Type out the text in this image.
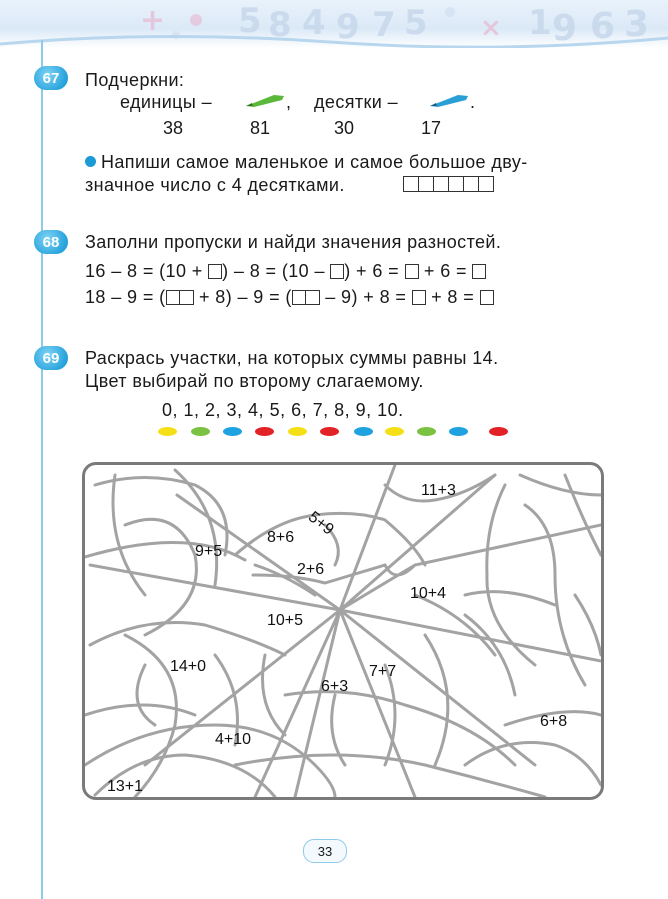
+ 5 8 4 9 7 5 × 1 9 6 3
67	Подчеркни:
единицы –	, десятки –	.
38	81	30	17
Напиши самое маленькое и самое большое дву-
значное число с 4 десятками.
68	Заполни пропуски и найди значения разностей.
16 – 8 = (10 + ) – 8 = (10 – ) + 6 = + 6 =
18 – 9 = ( + 8) – 9 = ( – 9) + 8 = + 8 =
69	Раскрась участки, на которых суммы равны 14.
Цвет выбирай по второму слагаемому.
0, 1, 2, 3, 4, 5, 6, 7, 8, 9, 10.
11+3
8+6 5+9
9+5
2+6
10+4
10+5
14+0	7+7
6+3
6+8
4+10
13+1
33
